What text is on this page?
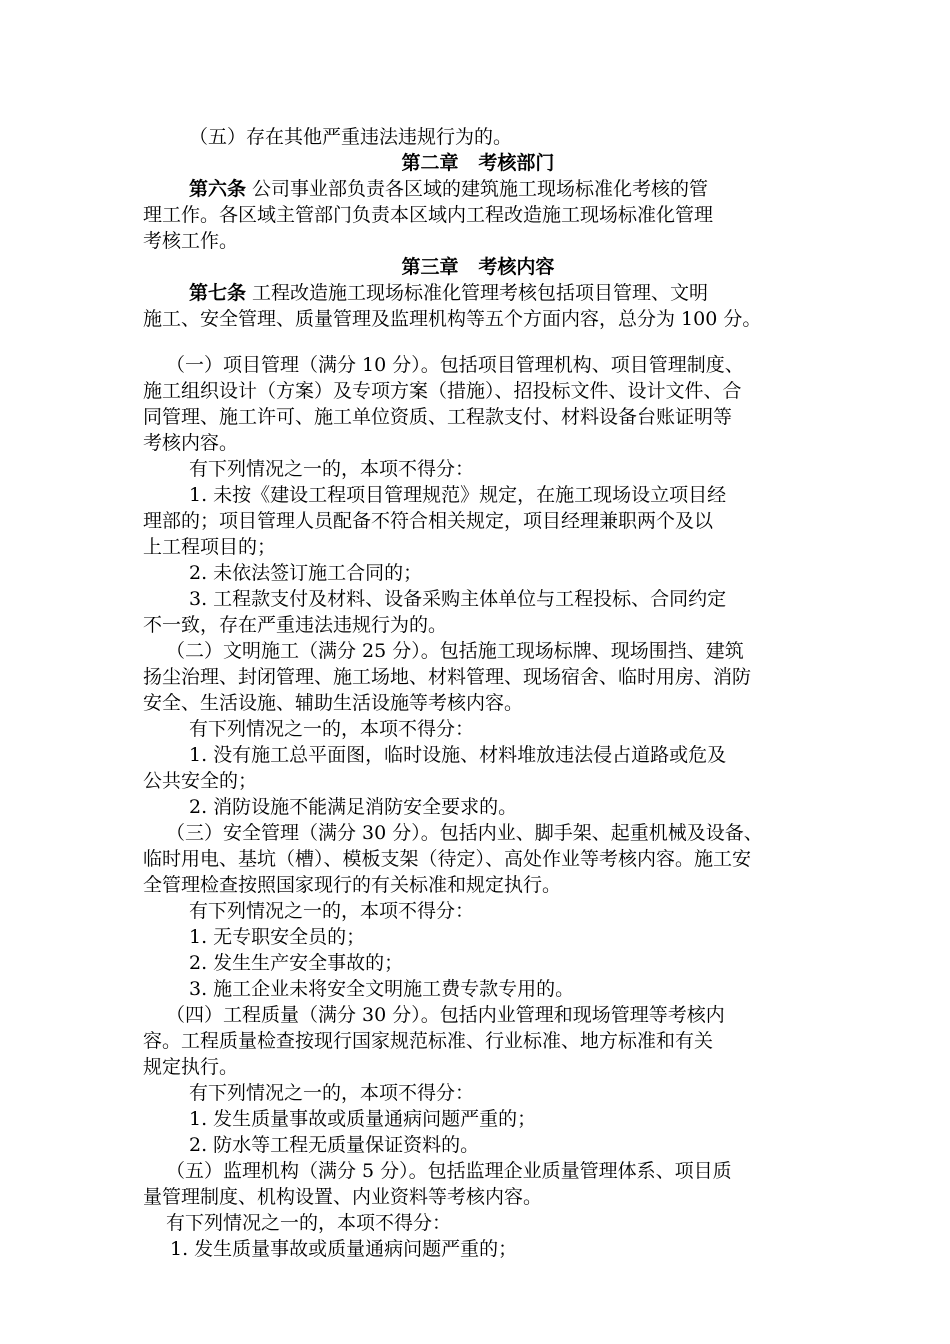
（五）存在其他严重违法违规行为的。
第二章 考核部门
第六条 公司事业部负责各区域的建筑施工现场标准化考核的管
理工作。各区域主管部门负责本区域内工程改造施工现场标准化管理
考核工作。
第三章 考核内容
第七条 工程改造施工现场标准化管理考核包括项目管理、文明
施工、安全管理、质量管理及监理机构等五个方面内容，总分为 100 分。
（一）项目管理（满分 10 分）。包括项目管理机构、项目管理制度、
施工组织设计（方案）及专项方案（措施）、招投标文件、设计文件、合
同管理、施工许可、施工单位资质、工程款支付、材料设备台账证明等
考核内容。
有下列情况之一的，本项不得分：
1. 未按《建设工程项目管理规范》规定，在施工现场设立项目经
理部的；项目管理人员配备不符合相关规定，项目经理兼职两个及以
上工程项目的；
2. 未依法签订施工合同的；
3. 工程款支付及材料、设备采购主体单位与工程投标、合同约定
不一致，存在严重违法违规行为的。
（二）文明施工（满分 25 分）。包括施工现场标牌、现场围挡、建筑
扬尘治理、封闭管理、施工场地、材料管理、现场宿舍、临时用房、消防
安全、生活设施、辅助生活设施等考核内容。
有下列情况之一的，本项不得分：
1. 没有施工总平面图，临时设施、材料堆放违法侵占道路或危及
公共安全的；
2. 消防设施不能满足消防安全要求的。
（三）安全管理（满分 30 分）。包括内业、脚手架、起重机械及设备、
临时用电、基坑（槽）、模板支架（待定）、高处作业等考核内容。施工安
全管理检查按照国家现行的有关标准和规定执行。
有下列情况之一的，本项不得分：
1. 无专职安全员的；
2. 发生生产安全事故的；
3. 施工企业未将安全文明施工费专款专用的。
（四）工程质量（满分 30 分）。包括内业管理和现场管理等考核内
容。工程质量检查按现行国家规范标准、行业标准、地方标准和有关
规定执行。
有下列情况之一的，本项不得分：
1. 发生质量事故或质量通病问题严重的；
2. 防水等工程无质量保证资料的。
（五）监理机构（满分 5 分）。包括监理企业质量管理体系、项目质
量管理制度、机构设置、内业资料等考核内容。
有下列情况之一的，本项不得分：
1. 发生质量事故或质量通病问题严重的；
